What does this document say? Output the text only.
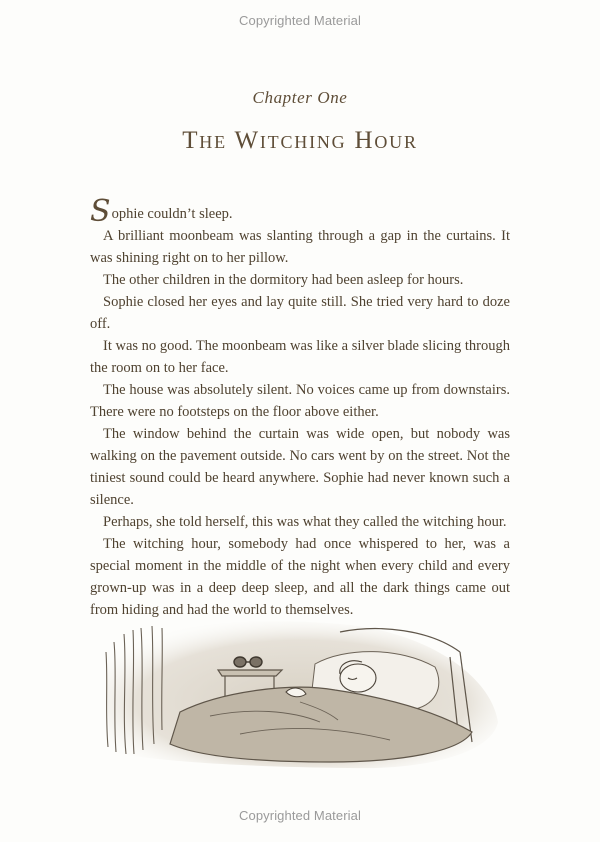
Copyrighted Material
Chapter One
The Witching Hour

Sophie couldn’t sleep.

A brilliant moonbeam was slanting through a gap in the curtains. It was shining right on to her pillow.

The other children in the dormitory had been asleep for hours.

Sophie closed her eyes and lay quite still. She tried very hard to doze off.

It was no good. The moonbeam was like a silver blade slicing through the room on to her face.

The house was absolutely silent. No voices came up from downstairs. There were no footsteps on the floor above either.

The window behind the curtain was wide open, but nobody was walking on the pavement outside. No cars went by on the street. Not the tiniest sound could be heard anywhere. Sophie had never known such a silence.

Perhaps, she told herself, this was what they called the witching hour.

The witching hour, somebody had once whispered to her, was a special moment in the middle of the night when every child and every grown-up was in a deep deep sleep, and all the dark things came out from hiding and had the world to themselves.

Copyrighted Material
